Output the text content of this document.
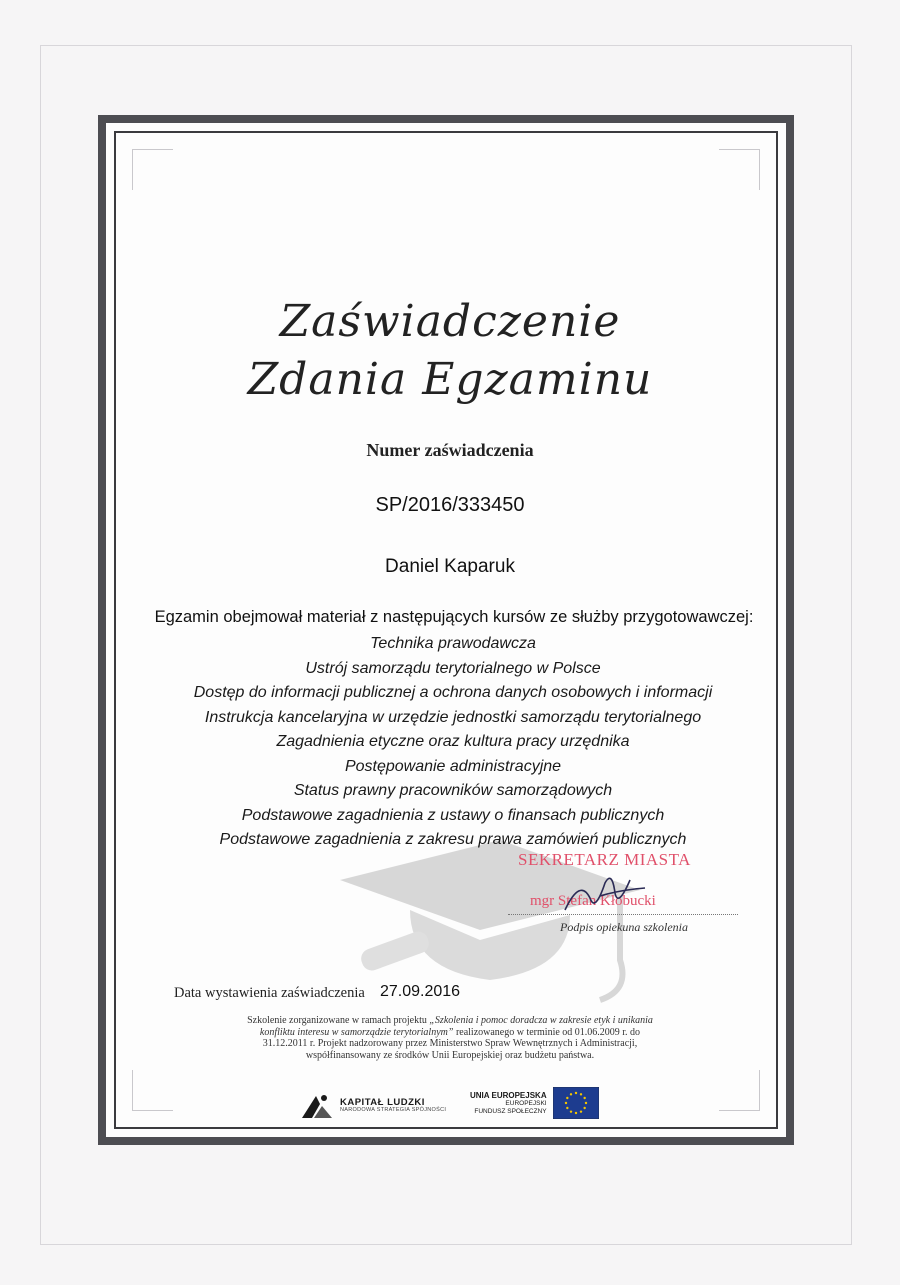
Zaświadczenie
Zdania Egzaminu
Numer zaświadczenia
SP/2016/333450
Daniel Kaparuk
Egzamin obejmował materiał z następujących kursów ze służby przygotowawczej:
Technika prawodawcza
Ustrój samorządu terytorialnego w Polsce
Dostęp do informacji publicznej a ochrona danych osobowych i informacji
Instrukcja kancelaryjna w urzędzie jednostki samorządu terytorialnego
Zagadnienia etyczne oraz kultura pracy urzędnika
Postępowanie administracyjne
Status prawny pracowników samorządowych
Podstawowe zagadnienia z ustawy o finansach publicznych
Podstawowe zagadnienia z zakresu prawa zamówień publicznych
SEKRETARZ MIASTA
mgr Stefan Kłobucki
Podpis opiekuna szkolenia
Data wystawienia zaświadczenia 27.09.2016
Szkolenie zorganizowane w ramach projektu „Szkolenia i pomoc doradcza w zakresie etyk i unikania konfliktu interesu w samorządzie terytorialnym” realizowanego w terminie od 01.06.2009 r. do 31.12.2011 r. Projekt nadzorowany przez Ministerstwo Spraw Wewnętrznych i Administracji, współfinansowany ze środków Unii Europejskiej oraz budżetu państwa.
KAPITAŁ LUDZKI
NARODOWA STRATEGIA SPÓJNOŚCI
UNIA EUROPEJSKA
EUROPEJSKI
FUNDUSZ SPOŁECZNY
